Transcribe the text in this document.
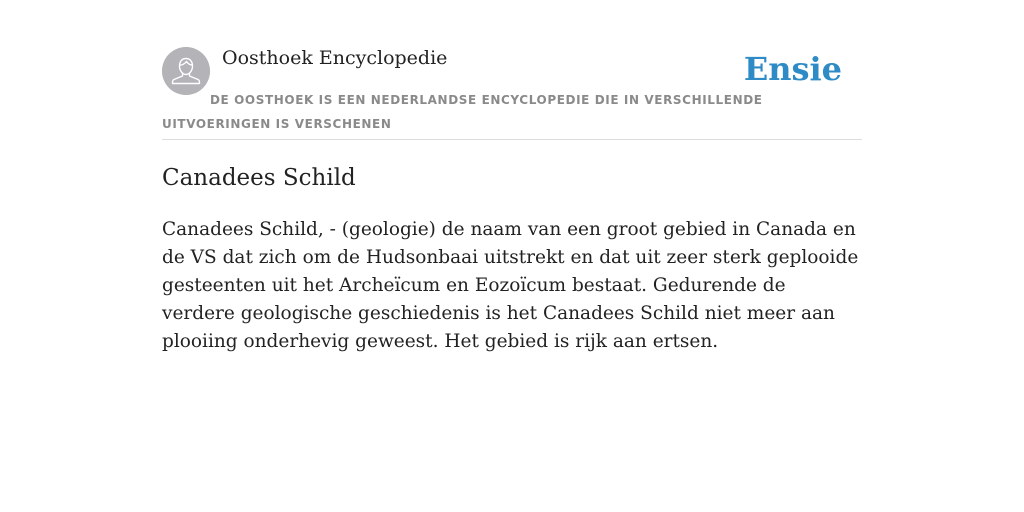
Oosthoek Encyclopedie	Ensie

DE OOSTHOEK IS EEN NEDERLANDSE ENCYCLOPEDIE DIE IN VERSCHILLENDE UITVOERINGEN IS VERSCHENEN

Canadees Schild

Canadees Schild, - (geologie) de naam van een groot gebied in Canada en de VS dat zich om de Hudsonbaai uitstrekt en dat uit zeer sterk geplooide gesteenten uit het Archeïcum en Eozoïcum bestaat. Gedurende de verdere geologische geschiedenis is het Canadees Schild niet meer aan plooiing onderhevig geweest. Het gebied is rijk aan ertsen.
